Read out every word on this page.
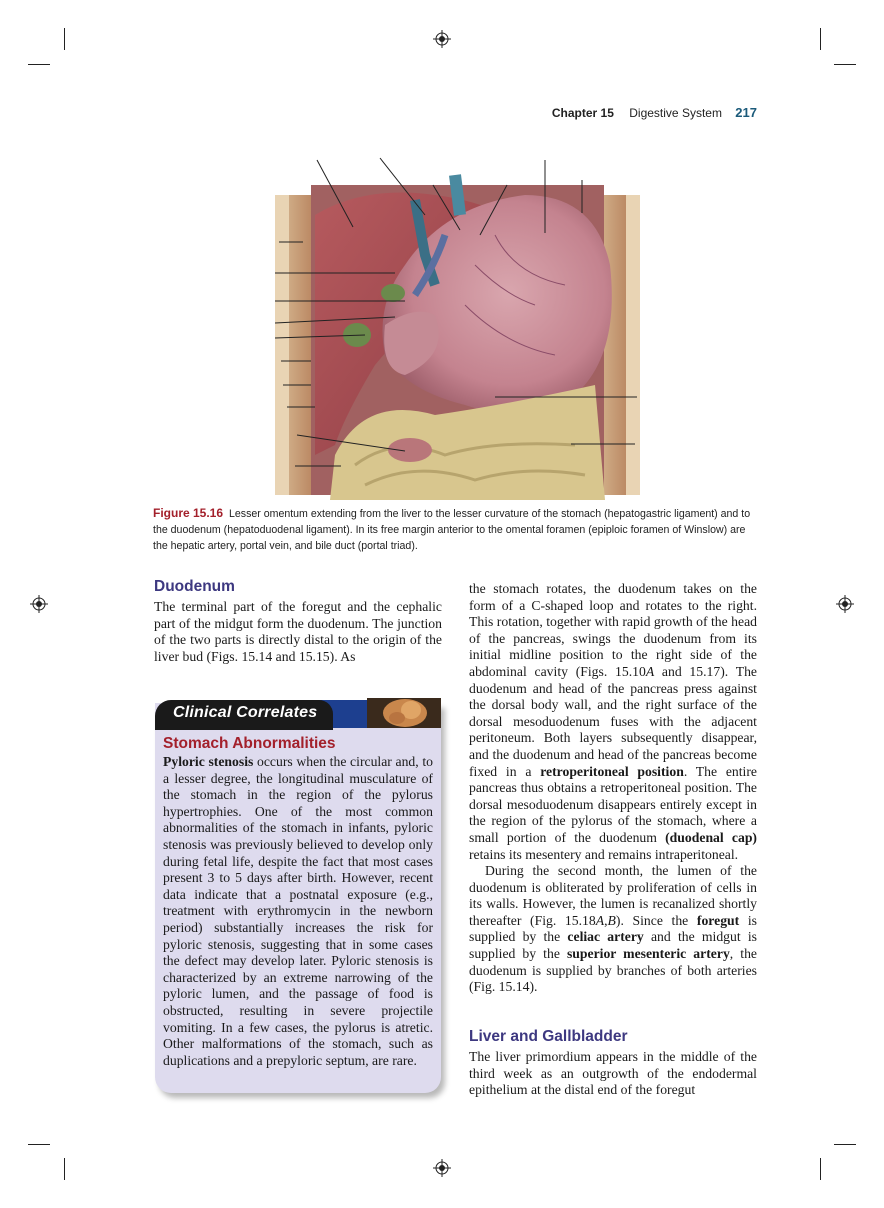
Chapter 15 Digestive System 217
Figure 15.16 Lesser omentum extending from the liver to the lesser curvature of the stomach (hepatogastric ligament) and to the duodenum (hepatoduodenal ligament). In its free margin anterior to the omental foramen (epiploic foramen of Winslow) are the hepatic artery, portal vein, and bile duct (portal triad).
Duodenum

The terminal part of the foregut and the cephalic part of the midgut form the duodenum. The junction of the two parts is directly distal to the origin of the liver bud (Figs. 15.14 and 15.15). As

Clinical Correlates
Stomach Abnormalities
Pyloric stenosis occurs when the circular and, to a lesser degree, the longitudinal musculature of the stomach in the region of the pylorus hypertrophies. One of the most common abnormalities of the stomach in infants, pyloric stenosis was previously believed to develop only during fetal life, despite the fact that most cases present 3 to 5 days after birth. However, recent data indicate that a postnatal exposure (e.g., treatment with erythromycin in the newborn period) substantially increases the risk for pyloric stenosis, suggesting that in some cases the defect may develop later. Pyloric stenosis is characterized by an extreme narrowing of the pyloric lumen, and the passage of food is obstructed, resulting in severe projectile vomiting. In a few cases, the pylorus is atretic. Other malformations of the stomach, such as duplications and a prepyloric septum, are rare.

the stomach rotates, the duodenum takes on the form of a C-shaped loop and rotates to the right. This rotation, together with rapid growth of the head of the pancreas, swings the duodenum from its initial midline position to the right side of the abdominal cavity (Figs. 15.10A and 15.17). The duodenum and head of the pancreas press against the dorsal body wall, and the right surface of the dorsal mesoduodenum fuses with the adjacent peritoneum. Both layers subsequently disappear, and the duodenum and head of the pancreas become fixed in a retroperitoneal position. The entire pancreas thus obtains a retroperitoneal position. The dorsal mesoduodenum disappears entirely except in the region of the pylorus of the stomach, where a small portion of the duodenum (duodenal cap) retains its mesentery and remains intraperitoneal.

During the second month, the lumen of the duodenum is obliterated by proliferation of cells in its walls. However, the lumen is recanalized shortly thereafter (Fig. 15.18A,B). Since the foregut is supplied by the celiac artery and the midgut is supplied by the superior mesenteric artery, the duodenum is supplied by branches of both arteries (Fig. 15.14).

Liver and Gallbladder

The liver primordium appears in the middle of the third week as an outgrowth of the endodermal epithelium at the distal end of the foregut
